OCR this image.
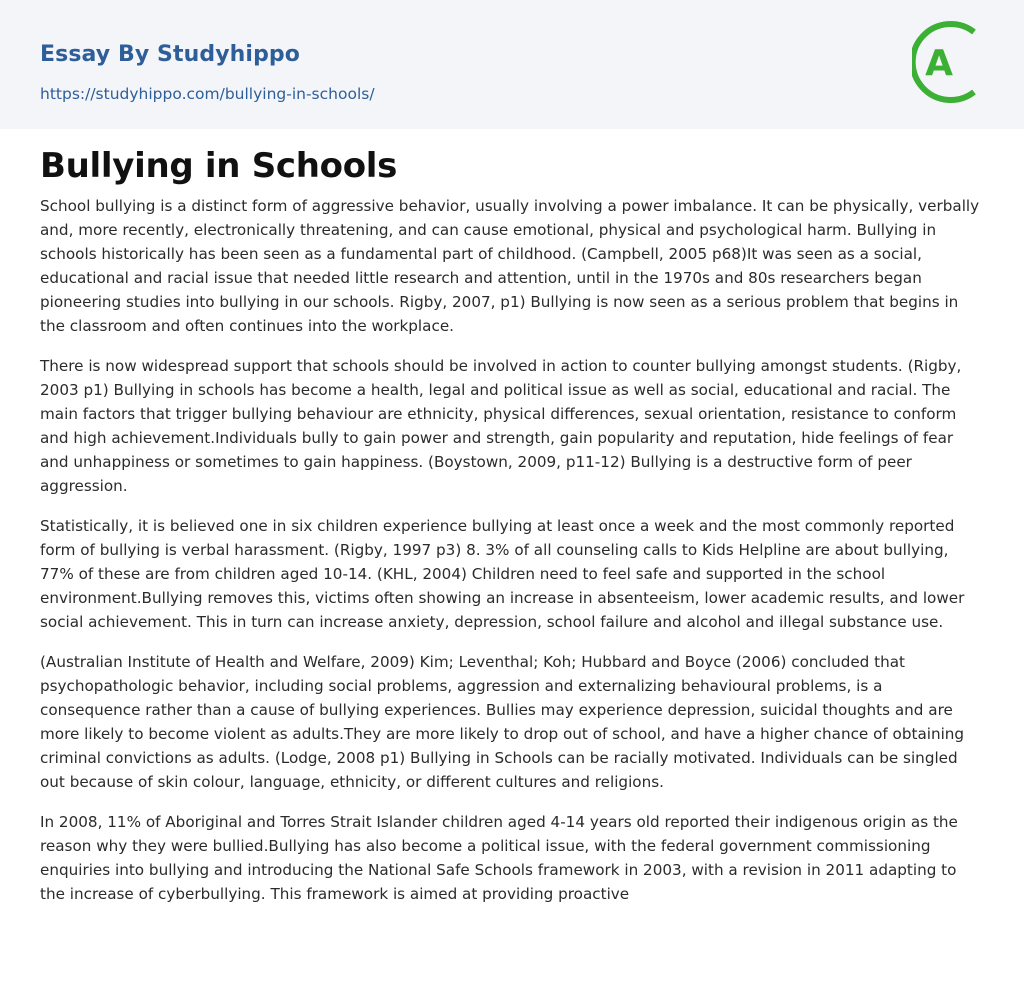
Essay By Studyhippo
https://studyhippo.com/bullying-in-schools/
A
Bullying in Schools

School bullying is a distinct form of aggressive behavior, usually involving a power imbalance. It can be physically, verbally and, more recently, electronically threatening, and can cause emotional, physical and psychological harm. Bullying in schools historically has been seen as a fundamental part of childhood. (Campbell, 2005 p68)It was seen as a social, educational and racial issue that needed little research and attention, until in the 1970s and 80s researchers began pioneering studies into bullying in our schools. Rigby, 2007, p1) Bullying is now seen as a serious problem that begins in the classroom and often continues into the workplace.

There is now widespread support that schools should be involved in action to counter bullying amongst students. (Rigby, 2003 p1) Bullying in schools has become a health, legal and political issue as well as social, educational and racial. The main factors that trigger bullying behaviour are ethnicity, physical differences, sexual orientation, resistance to conform and high achievement.Individuals bully to gain power and strength, gain popularity and reputation, hide feelings of fear and unhappiness or sometimes to gain happiness. (Boystown, 2009, p11-12) Bullying is a destructive form of peer aggression.

Statistically, it is believed one in six children experience bullying at least once a week and the most commonly reported form of bullying is verbal harassment. (Rigby, 1997 p3) 8. 3% of all counseling calls to Kids Helpline are about bullying, 77% of these are from children aged 10-14. (KHL, 2004) Children need to feel safe and supported in the school environment.Bullying removes this, victims often showing an increase in absenteeism, lower academic results, and lower social achievement. This in turn can increase anxiety, depression, school failure and alcohol and illegal substance use.

(Australian Institute of Health and Welfare, 2009) Kim; Leventhal; Koh; Hubbard and Boyce (2006) concluded that psychopathologic behavior, including social problems, aggression and externalizing behavioural problems, is a consequence rather than a cause of bullying experiences. Bullies may experience depression, suicidal thoughts and are more likely to become violent as adults.They are more likely to drop out of school, and have a higher chance of obtaining criminal convictions as adults. (Lodge, 2008 p1) Bullying in Schools can be racially motivated. Individuals can be singled out because of skin colour, language, ethnicity, or different cultures and religions.

In 2008, 11% of Aboriginal and Torres Strait Islander children aged 4-14 years old reported their indigenous origin as the reason why they were bullied.Bullying has also become a political issue, with the federal government commissioning enquiries into bullying and introducing the National Safe Schools framework in 2003, with a revision in 2011 adapting to the increase of cyberbullying. This framework is aimed at providing proactive
